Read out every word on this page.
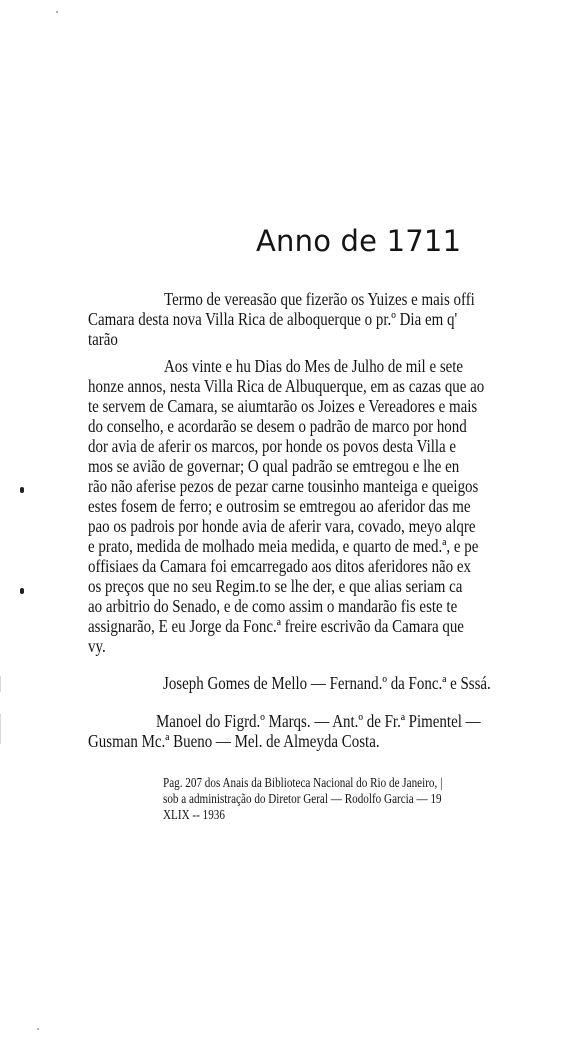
Anno de 1711
Termo de vereasão que fizerão os Yuizes e mais offi
Camara desta nova Villa Rica de alboquerque o pr.º Dia em q'
tarão
Aos vinte e hu Dias do Mes de Julho de mil e sete
honze annos, nesta Villa Rica de Albuquerque, em as cazas que ao
te servem de Camara, se aiumtarão os Joizes e Vereadores e mais
do conselho, e acordarão se desem o padrão de marco por hond
dor avia de aferir os marcos, por honde os povos desta Villa e
mos se avião de governar; O qual padrão se emtregou e lhe en
rão não aferise pezos de pezar carne tousinho manteiga e queigos
estes fosem de ferro; e outrosim se emtregou ao aferidor das me
pao os padrois por honde avia de aferir vara, covado, meyo alqre
e prato, medida de molhado meia medida, e quarto de med.ª, e pe
offisiaes da Camara foi emcarregado aos ditos aferidores não ex
os preços que no seu Regim.to se lhe der, e que alias seriam ca
ao arbitrio do Senado, e de como assim o mandarão fis este te
assignarão, E eu Jorge da Fonc.ª freire escrivão da Camara que
vy.
Joseph Gomes de Mello — Fernand.º da Fonc.ª e Sssá.
Manoel do Figrd.º Marqs. — Ant.º de Fr.ª Pimentel —
Gusman Mc.ª Bueno — Mel. de Almeyda Costa.
Pag. 207 dos Anais da Biblioteca Nacional do Rio de Janeiro, |
sob a administração do Diretor Geral — Rodolfo Garcia — 19
XLIX -- 1936
